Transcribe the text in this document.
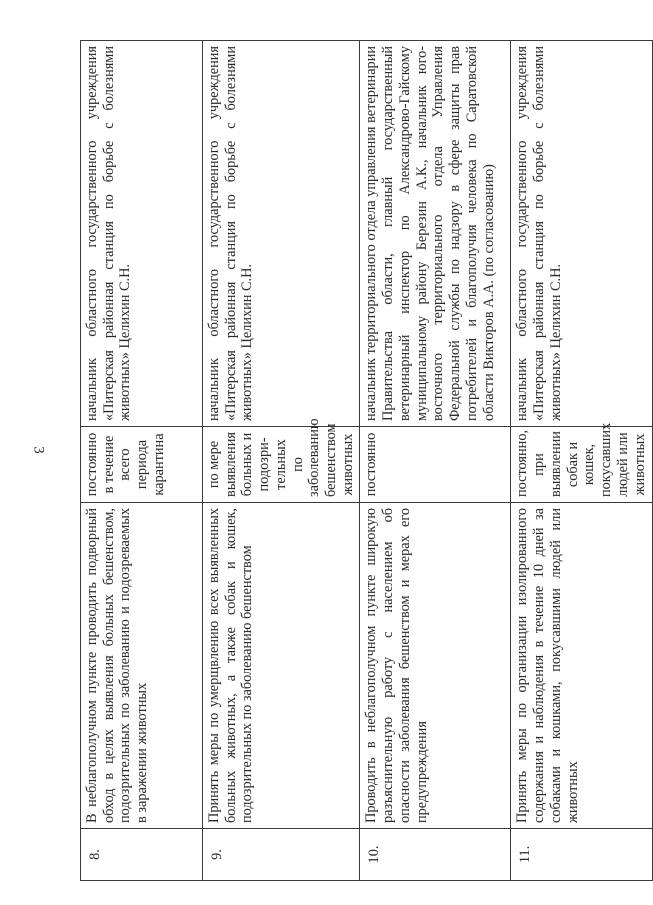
3
8.	В неблагополучном пункте проводить подворный обход в целях выявления больных бешенством, подозрительных по заболеванию и подозреваемых в заражении животных	постоянно в течение всего периода карантина	начальник областного государственного учреждения «Питерская районная станция по борьбе с болезнями животных» Целихин С.Н.
9.	Принять меры по умерщвлению всех выявленных больных животных, а также собак и кошек, подозрительных по заболеванию бешенством	по мере выявления больных и подозри-тельных по заболеванию бешенством животных	начальник областного государственного учреждения «Питерская районная станция по борьбе с болезнями животных» Целихин С.Н.
10.	Проводить в неблагополучном пункте широкую разъяснительную работу с населением об опасности заболевания бешенством и мерах его предупреждения	постоянно	начальник территориального отдела управления ветеринарии Правительства области, главный государственный ветеринарный инспектор по Александрово-Гайскому муниципальному району Березин А.К., начальник юго-восточного территориального отдела Управления Федеральной службы по надзору в сфере защиты прав потребителей и благополучия человека по Саратовской области Викторов А.А. (по согласованию)
11.	Принять меры по организации изолированного содержания и наблюдения в течение 10 дней за собаками и кошками, покусавшими людей или животных	постоянно, при выявлении собак и кошек, покусавших людей или животных	начальник областного государственного учреждения «Питерская районная станция по борьбе с болезнями животных» Целихин С.Н.
